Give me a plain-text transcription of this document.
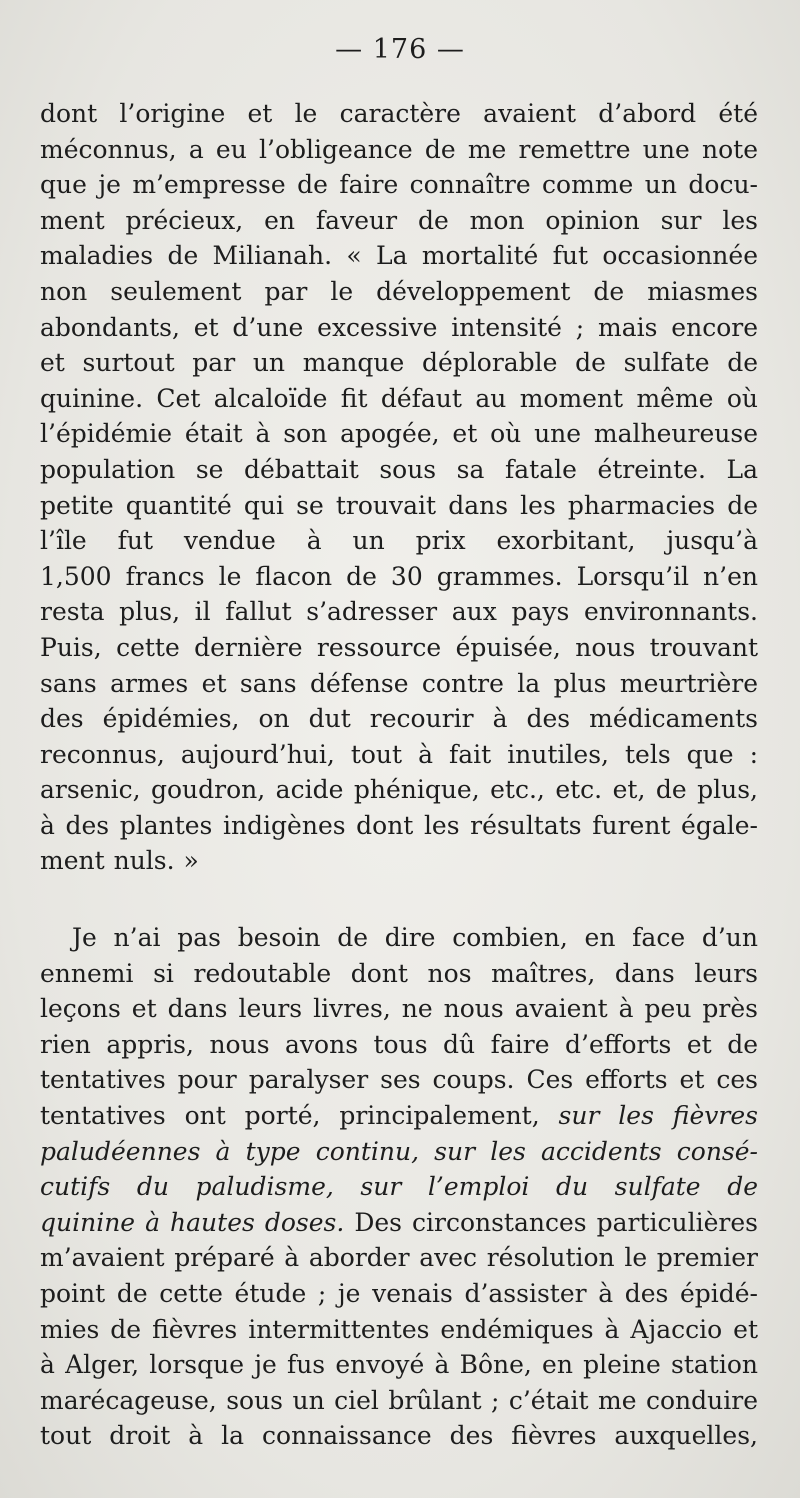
— 176 —
dont l’origine et le caractère avaient d’abord été
méconnus, a eu l’obligeance de me remettre une note
que je m’empresse de faire connaître comme un docu-
ment précieux, en faveur de mon opinion sur les
maladies de Milianah. « La mortalité fut occasionnée
non seulement par le développement de miasmes
abondants, et d’une excessive intensité ; mais encore
et surtout par un manque déplorable de sulfate de
quinine. Cet alcaloïde fit défaut au moment même où
l’épidémie était à son apogée, et où une malheureuse
population se débattait sous sa fatale étreinte. La
petite quantité qui se trouvait dans les pharmacies de
l’île fut vendue à un prix exorbitant, jusqu’à
1,500 francs le flacon de 30 grammes. Lorsqu’il n’en
resta plus, il fallut s’adresser aux pays environnants.
Puis, cette dernière ressource épuisée, nous trouvant
sans armes et sans défense contre la plus meurtrière
des épidémies, on dut recourir à des médicaments
reconnus, aujourd’hui, tout à fait inutiles, tels que :
arsenic, goudron, acide phénique, etc., etc. et, de plus,
à des plantes indigènes dont les résultats furent égale-
ment nuls. »
Je n’ai pas besoin de dire combien, en face d’un
ennemi si redoutable dont nos maîtres, dans leurs
leçons et dans leurs livres, ne nous avaient à peu près
rien appris, nous avons tous dû faire d’efforts et de
tentatives pour paralyser ses coups. Ces efforts et ces
tentatives ont porté, principalement, sur les fièvres
paludéennes à type continu, sur les accidents consé-
cutifs du paludisme, sur l’emploi du sulfate de
quinine à hautes doses. Des circonstances particulières
m’avaient préparé à aborder avec résolution le premier
point de cette étude ; je venais d’assister à des épidé-
mies de fièvres intermittentes endémiques à Ajaccio et
à Alger, lorsque je fus envoyé à Bône, en pleine station
marécageuse, sous un ciel brûlant ; c’était me conduire
tout droit à la connaissance des fièvres auxquelles,
